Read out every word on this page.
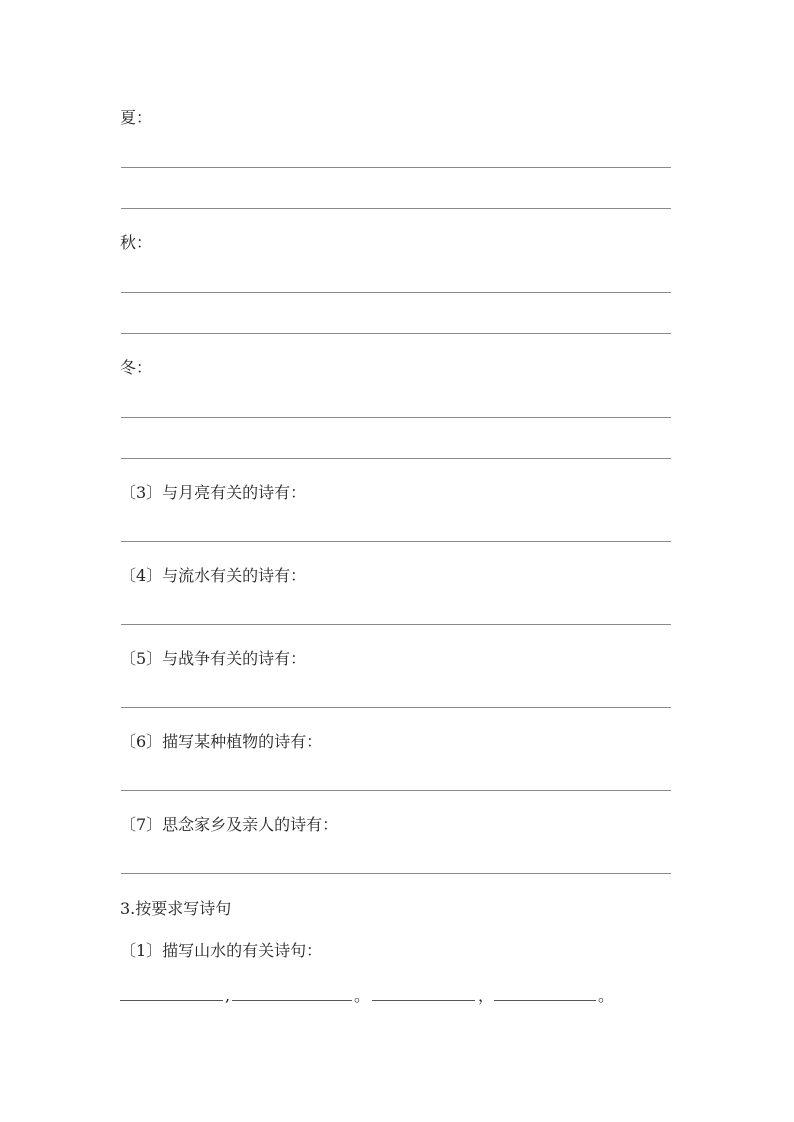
夏：
秋：
冬：
〔3〕与月亮有关的诗有：
〔4〕与流水有关的诗有：
〔5〕与战争有关的诗有：
〔6〕描写某种植物的诗有：
〔7〕思念家乡及亲人的诗有：
3.按要求写诗句
〔1〕描写山水的有关诗句：
,	。	，	。
